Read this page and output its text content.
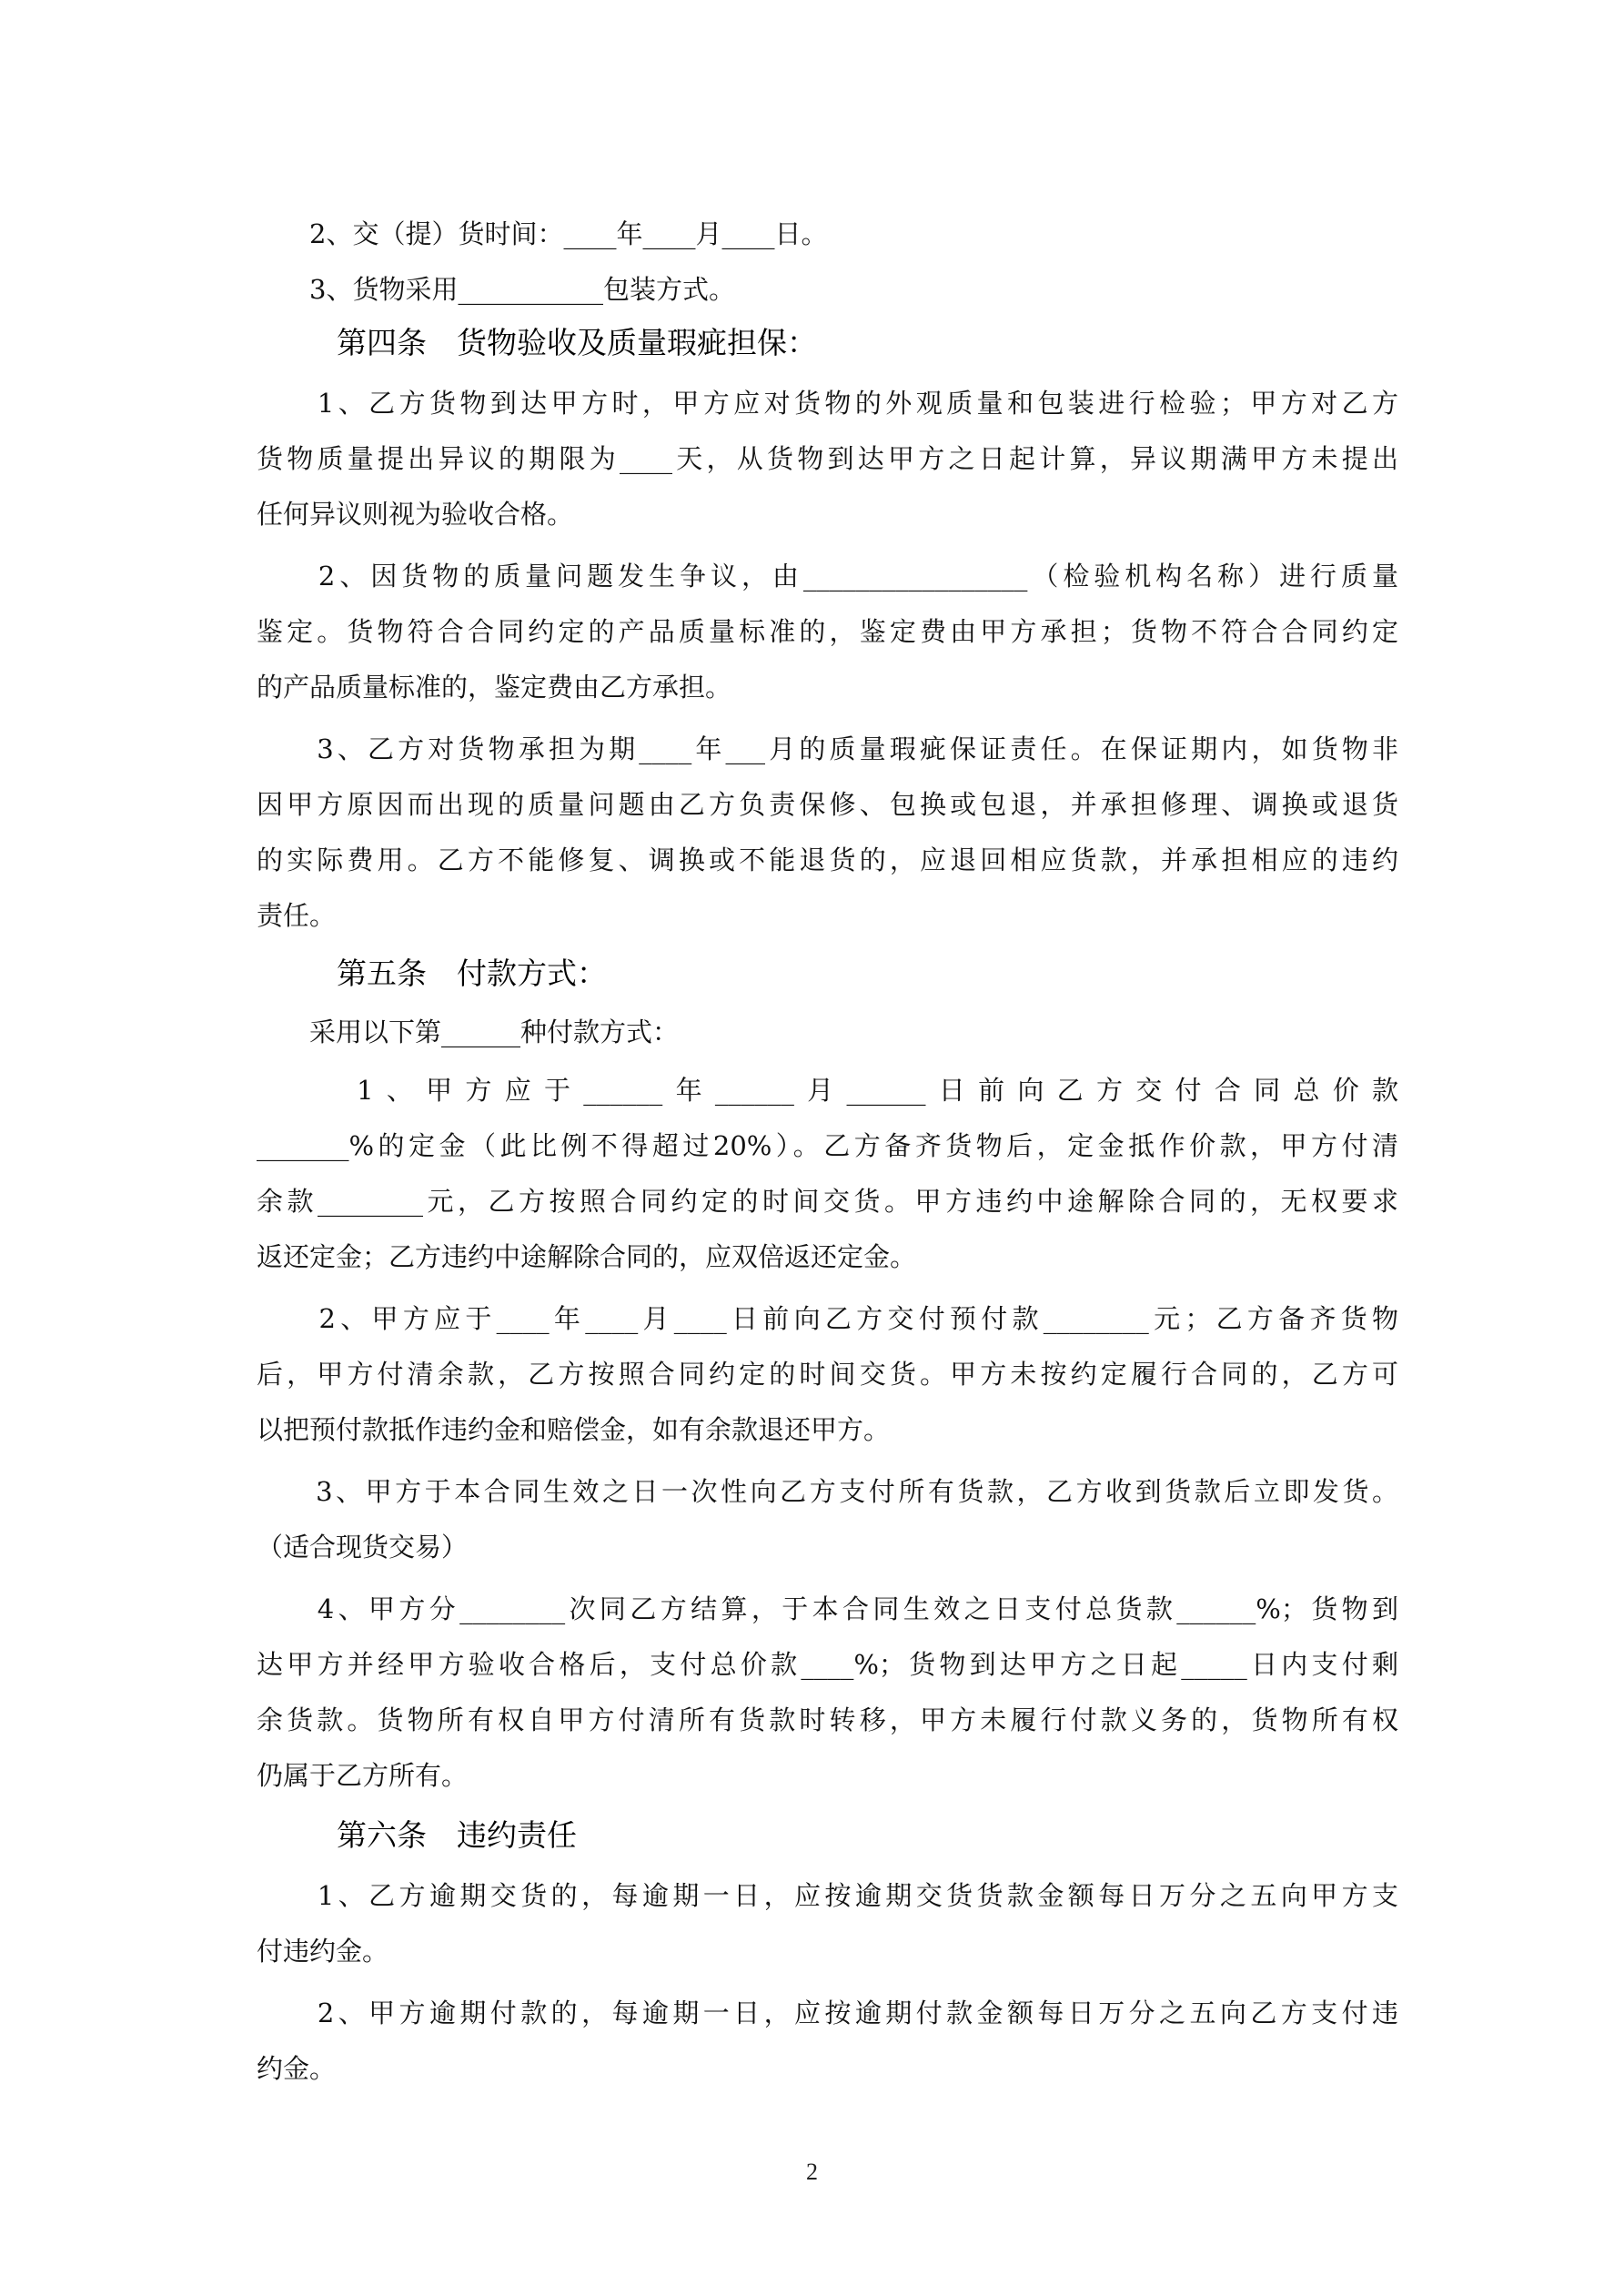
　　2、交（提）货时间：____年____月____日。
　　3、货物采用___________包装方式。
第四条　货物验收及质量瑕疵担保：
　　1、乙方货物到达甲方时，甲方应对货物的外观质量和包装进行检验；甲方对乙方
货物质量提出异议的期限为____天，从货物到达甲方之日起计算，异议期满甲方未提出
任何异议则视为验收合格。
　　2、因货物的质量问题发生争议，由_________________（检验机构名称）进行质量
鉴定。货物符合合同约定的产品质量标准的，鉴定费由甲方承担；货物不符合合同约定
的产品质量标准的，鉴定费由乙方承担。
　　3、乙方对货物承担为期____年___月的质量瑕疵保证责任。在保证期内，如货物非
因甲方原因而出现的质量问题由乙方负责保修、包换或包退，并承担修理、调换或退货
的实际费用。乙方不能修复、调换或不能退货的，应退回相应货款，并承担相应的违约
责任。
第五条　付款方式：
　　采用以下第______种付款方式：
　　 1、甲方应于______年______月______日前向乙方交付合同总价款
_______%的定金（此比例不得超过20%）。乙方备齐货物后，定金抵作价款，甲方付清
余款________元，乙方按照合同约定的时间交货。甲方违约中途解除合同的，无权要求
返还定金；乙方违约中途解除合同的，应双倍返还定金。
　　2、甲方应于____年____月____日前向乙方交付预付款________元；乙方备齐货物
后，甲方付清余款，乙方按照合同约定的时间交货。甲方未按约定履行合同的，乙方可
以把预付款抵作违约金和赔偿金，如有余款退还甲方。
　　3、甲方于本合同生效之日一次性向乙方支付所有货款，乙方收到货款后立即发货。
（适合现货交易）
　　4、甲方分________次同乙方结算，于本合同生效之日支付总货款______%；货物到
达甲方并经甲方验收合格后，支付总价款____%；货物到达甲方之日起_____日内支付剩
余货款。货物所有权自甲方付清所有货款时转移，甲方未履行付款义务的，货物所有权
仍属于乙方所有。
第六条　违约责任
　　1、乙方逾期交货的，每逾期一日，应按逾期交货货款金额每日万分之五向甲方支
付违约金。
　　2、甲方逾期付款的，每逾期一日，应按逾期付款金额每日万分之五向乙方支付违
约金。
2
